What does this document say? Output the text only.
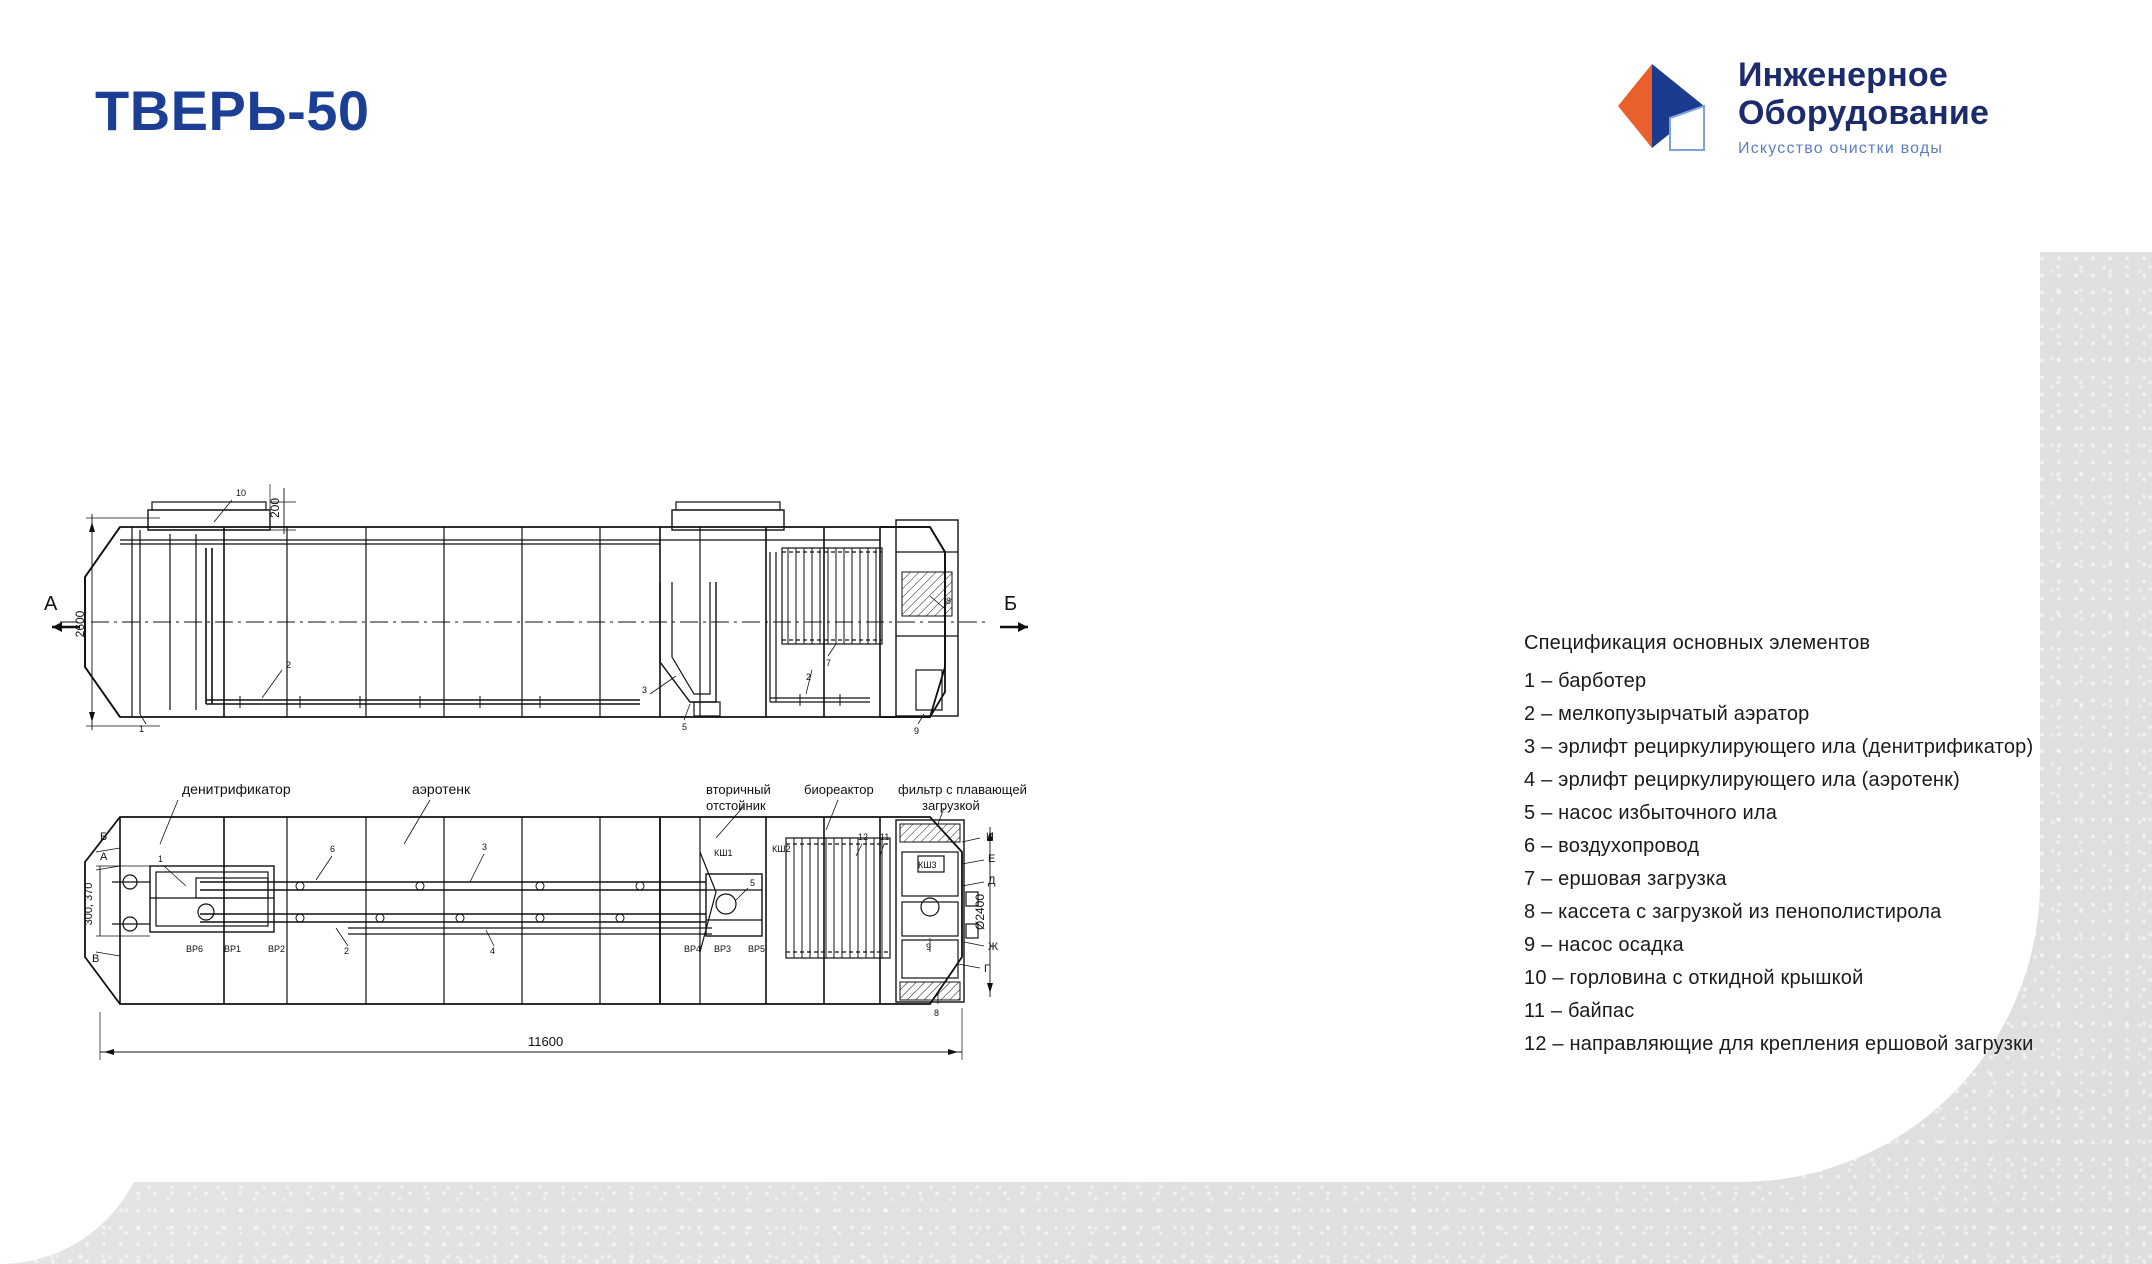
ТВЕРЬ-50
Инженерное
Оборудование
Искусство очистки воды
А	Б
2600
200
10
2
1
3
5
7
8
9
2
денитрификатор	аэротенк	вторичный
отстойник
биореактор фильтр с плавающей
загрузкой
11600
Ø2400
300, 370
1
6	3
2	4
5
9
12 11
8
ВР6 ВР1	ВР2	ВР4 ВР3 ВР5
КШ1	КШ2
КШ3
Б
А
В
И
Е
Д
Ж
Г
Спецификация основных элементов
1 – барботер
2 – мелкопузырчатый аэратор
3 – эрлифт рециркулирующего ила (денитрификатор)
4 – эрлифт рециркулирующего ила (аэротенк)
5 – насос избыточного ила
6 – воздухопровод
7 – ершовая загрузка
8 – кассета с загрузкой из пенополистирола
9 – насос осадка
10 – горловина с откидной крышкой
11 – байпас
12 – направляющие для крепления ершовой загрузки
